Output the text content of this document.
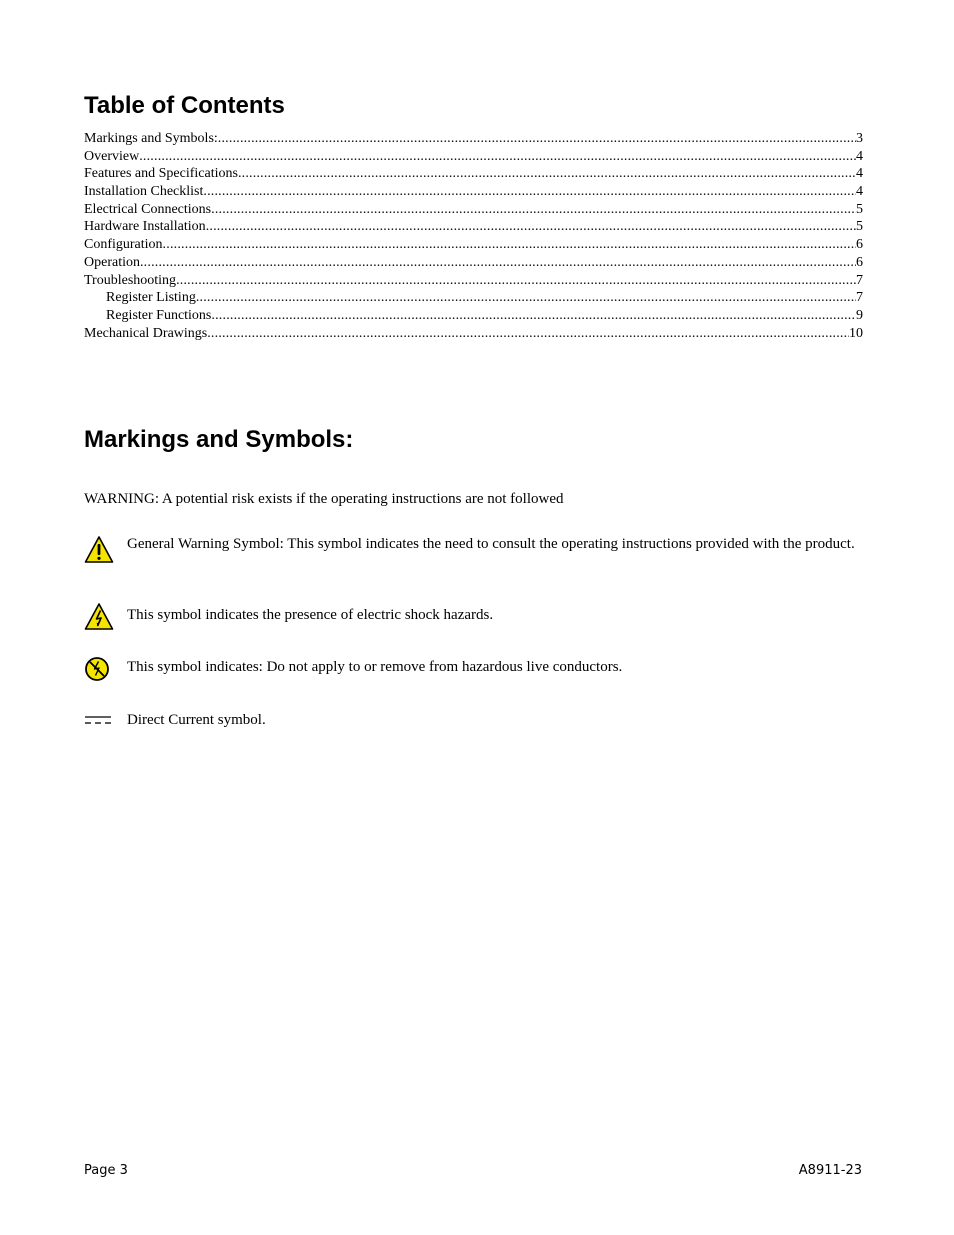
Table of Contents
Markings and Symbols: .....	3
Overview .....	4
Features and Specifications .....	4
Installation Checklist .....	4
Electrical Connections .....	5
Hardware Installation .....	5
Configuration .....	6
Operation .....	6
Troubleshooting .....	7
Register Listing .....	7
Register Functions .....	9
Mechanical Drawings .....	10
Markings and Symbols:
WARNING: A potential risk exists if the operating instructions are not followed
General Warning Symbol: This symbol indicates the need to consult the operating instructions provided with the product.
This symbol indicates the presence of electric shock hazards.
This symbol indicates: Do not apply to or remove from hazardous live conductors.
Direct Current symbol.
Page 3	A8911-23
